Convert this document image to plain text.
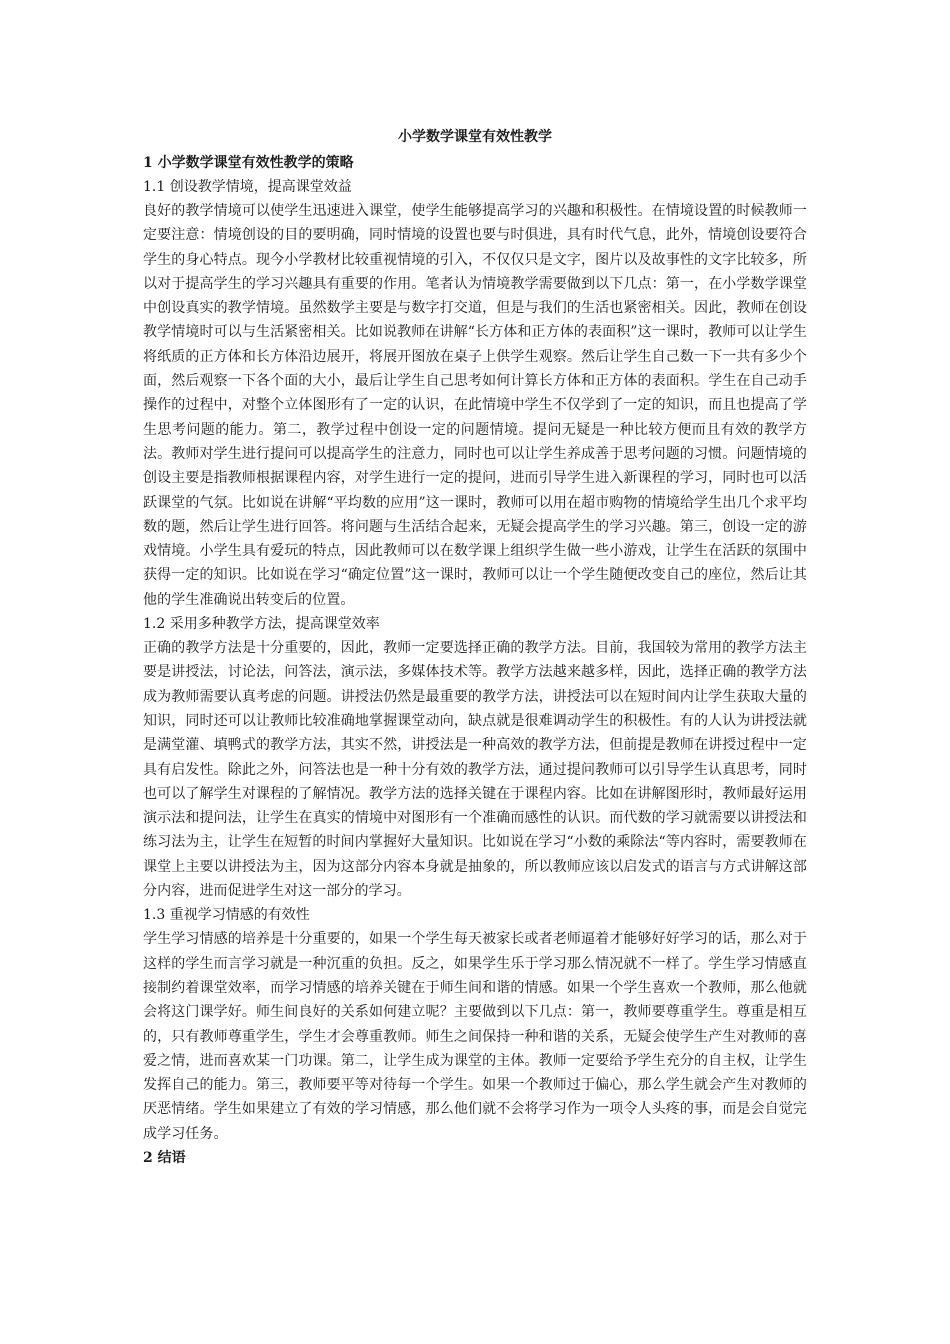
小学数学课堂有效性教学
1 小学数学课堂有效性教学的策略
1.1 创设教学情境，提高课堂效益

良好的教学情境可以使学生迅速进入课堂，使学生能够提高学习的兴趣和积极性。在情境设置的时候教师一定要注意：情境创设的目的要明确，同时情境的设置也要与时俱进，具有时代气息，此外，情境创设要符合学生的身心特点。现今小学教材比较重视情境的引入，不仅仅只是文字，图片以及故事性的文字比较多，所以对于提高学生的学习兴趣具有重要的作用。笔者认为情境教学需要做到以下几点：第一，在小学数学课堂中创设真实的教学情境。虽然数学主要是与数字打交道，但是与我们的生活也紧密相关。因此，教师在创设教学情境时可以与生活紧密相关。比如说教师在讲解“长方体和正方体的表面积”这一课时，教师可以让学生将纸质的正方体和长方体沿边展开，将展开图放在桌子上供学生观察。然后让学生自己数一下一共有多少个面，然后观察一下各个面的大小，最后让学生自己思考如何计算长方体和正方体的表面积。学生在自己动手操作的过程中，对整个立体图形有了一定的认识，在此情境中学生不仅学到了一定的知识，而且也提高了学生思考问题的能力。第二，教学过程中创设一定的问题情境。提问无疑是一种比较方便而且有效的教学方法。教师对学生进行提问可以提高学生的注意力，同时也可以让学生养成善于思考问题的习惯。问题情境的创设主要是指教师根据课程内容，对学生进行一定的提问，进而引导学生进入新课程的学习，同时也可以活跃课堂的气氛。比如说在讲解“平均数的应用”这一课时，教师可以用在超市购物的情境给学生出几个求平均数的题，然后让学生进行回答。将问题与生活结合起来，无疑会提高学生的学习兴趣。第三，创设一定的游戏情境。小学生具有爱玩的特点，因此教师可以在数学课上组织学生做一些小游戏，让学生在活跃的氛围中获得一定的知识。比如说在学习“确定位置”这一课时，教师可以让一个学生随便改变自己的座位，然后让其他的学生准确说出转变后的位置。

1.2 采用多种教学方法，提高课堂效率

正确的教学方法是十分重要的，因此，教师一定要选择正确的教学方法。目前，我国较为常用的教学方法主要是讲授法，讨论法，问答法，演示法，多媒体技术等。教学方法越来越多样，因此，选择正确的教学方法成为教师需要认真考虑的问题。讲授法仍然是最重要的教学方法，讲授法可以在短时间内让学生获取大量的知识，同时还可以让教师比较准确地掌握课堂动向，缺点就是很难调动学生的积极性。有的人认为讲授法就是满堂灌、填鸭式的教学方法，其实不然，讲授法是一种高效的教学方法，但前提是教师在讲授过程中一定具有启发性。除此之外，问答法也是一种十分有效的教学方法，通过提问教师可以引导学生认真思考，同时也可以了解学生对课程的了解情况。教学方法的选择关键在于课程内容。比如在讲解图形时，教师最好运用演示法和提问法，让学生在真实的情境中对图形有一个准确而感性的认识。而代数的学习就需要以讲授法和练习法为主，让学生在短暂的时间内掌握好大量知识。比如说在学习“小数的乘除法“等内容时，需要教师在课堂上主要以讲授法为主，因为这部分内容本身就是抽象的，所以教师应该以启发式的语言与方式讲解这部分内容，进而促进学生对这一部分的学习。

1.3 重视学习情感的有效性

学生学习情感的培养是十分重要的，如果一个学生每天被家长或者老师逼着才能够好好学习的话，那么对于这样的学生而言学习就是一种沉重的负担。反之，如果学生乐于学习那么情况就不一样了。学生学习情感直接制约着课堂效率，而学习情感的培养关键在于师生间和谐的情感。如果一个学生喜欢一个教师，那么他就会将这门课学好。师生间良好的关系如何建立呢？主要做到以下几点：第一，教师要尊重学生。尊重是相互的，只有教师尊重学生，学生才会尊重教师。师生之间保持一种和谐的关系，无疑会使学生产生对教师的喜爱之情，进而喜欢某一门功课。第二，让学生成为课堂的主体。教师一定要给予学生充分的自主权，让学生发挥自己的能力。第三，教师要平等对待每一个学生。如果一个教师过于偏心，那么学生就会产生对教师的厌恶情绪。学生如果建立了有效的学习情感，那么他们就不会将学习作为一项令人头疼的事，而是会自觉完成学习任务。

2 结语
